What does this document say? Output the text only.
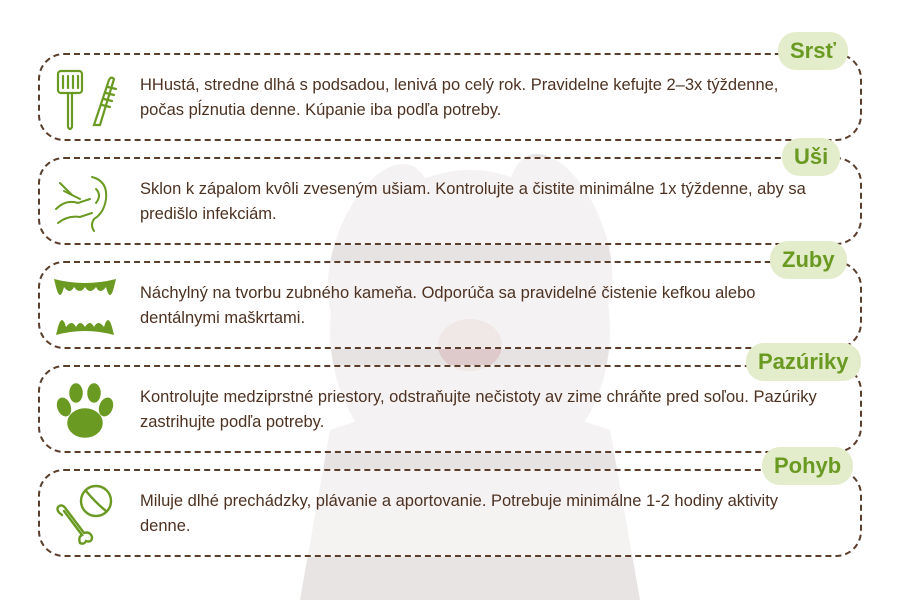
HHustá, stredne dlhá s podsadou, lenivá po celý rok. Pravidelne kefujte 2–3x týždenne, počas pĺznutia denne. Kúpanie iba podľa potreby.
Srsť
Sklon k zápalom kvôli zveseným ušiam. Kontrolujte a čistite minimálne 1x týždenne, aby sa predišlo infekciám.
Uši
Náchylný na tvorbu zubného kameňa. Odporúča sa pravidelné čistenie kefkou alebo dentálnymi maškrtami.
Zuby
Kontrolujte medziprstné priestory, odstraňujte nečistoty av zime chráňte pred soľou. Pazúriky zastrihujte podľa potreby.
Pazúriky
Miluje dlhé prechádzky, plávanie a aportovanie. Potrebuje minimálne 1-2 hodiny aktivity denne.
Pohyb
